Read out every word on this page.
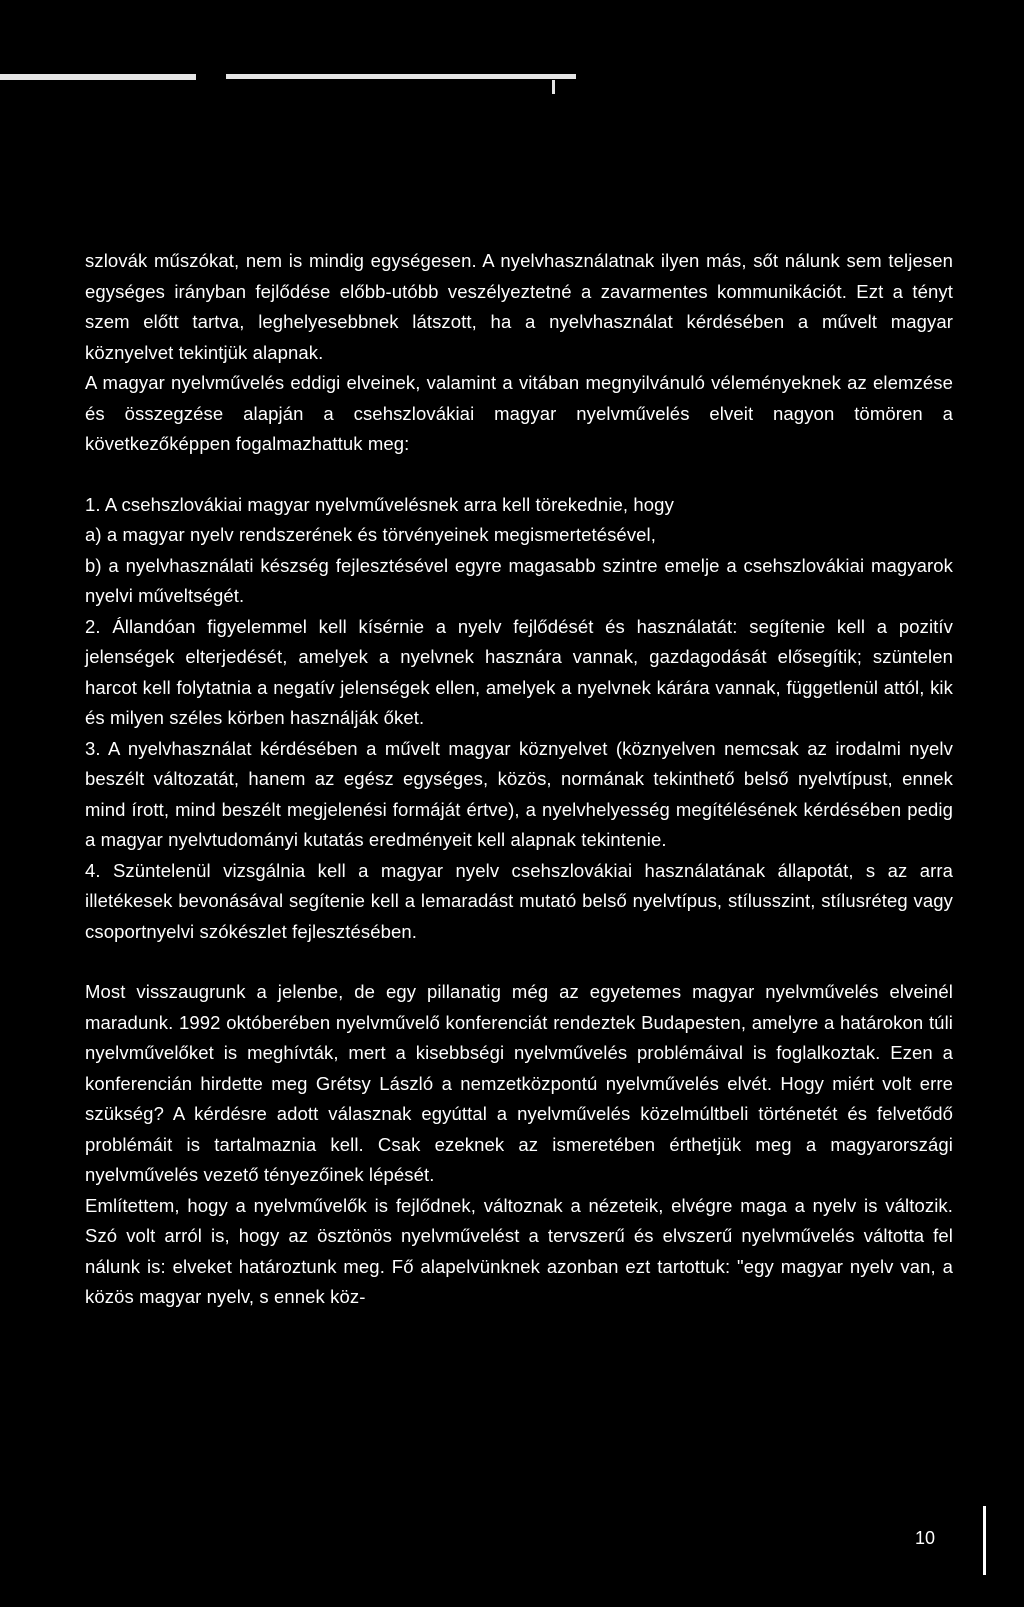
szlovák műszókat, nem is mindig egységesen. A nyelvhasználatnak ilyen más, sőt nálunk sem teljesen egységes irányban fejlődése előbb-utóbb veszélyeztetné a zavarmentes kommunikációt. Ezt a tényt szem előtt tartva, leghelyesebbnek látszott, ha a nyelvhasználat kérdésében a művelt magyar köznyelvet tekintjük alapnak.

A magyar nyelvművelés eddigi elveinek, valamint a vitában megnyilvánuló véleményeknek az elemzése és összegzése alapján a csehszlovákiai magyar nyelvművelés elveit nagyon tömören a következőképpen fogalmazhattuk meg:

1. A csehszlovákiai magyar nyelvművelésnek arra kell törekednie, hogy

a) a magyar nyelv rendszerének és törvényeinek megismertetésével,

b) a nyelvhasználati készség fejlesztésével egyre magasabb szintre emelje a csehszlovákiai magyarok nyelvi műveltségét.

2. Állandóan figyelemmel kell kísérnie a nyelv fejlődését és használatát: segítenie kell a pozitív jelenségek elterjedését, amelyek a nyelvnek hasznára vannak, gazdagodását elősegítik; szüntelen harcot kell folytatnia a negatív jelenségek ellen, amelyek a nyelvnek kárára vannak, függetlenül attól, kik és milyen széles körben használják őket.

3. A nyelvhasználat kérdésében a művelt magyar köznyelvet (köznyelven nemcsak az irodalmi nyelv beszélt változatát, hanem az egész egységes, közös, normának tekinthető belső nyelvtípust, ennek mind írott, mind beszélt megjelenési formáját értve), a nyelvhelyesség megítélésének kérdésében pedig a magyar nyelvtudományi kutatás eredményeit kell alapnak tekintenie.

4. Szüntelenül vizsgálnia kell a magyar nyelv csehszlovákiai használatának állapotát, s az arra illetékesek bevonásával segítenie kell a lemaradást mutató belső nyelvtípus, stílusszint, stílusréteg vagy csoportnyelvi szókészlet fejlesztésében.

Most visszaugrunk a jelenbe, de egy pillanatig még az egyetemes magyar nyelvművelés elveinél maradunk. 1992 októberében nyelvművelő konferenciát rendeztek Budapesten, amelyre a határokon túli nyelvművelőket is meghívták, mert a kisebbségi nyelvművelés problémáival is foglalkoztak. Ezen a konferencián hirdette meg Grétsy László a nemzetközpontú nyelvművelés elvét. Hogy miért volt erre szükség? A kérdésre adott válasznak egyúttal a nyelvművelés közelmúltbeli történetét és felvetődő problémáit is tartalmaznia kell. Csak ezeknek az ismeretében érthetjük meg a magyarországi nyelvművelés vezető tényezőinek lépését.

Említettem, hogy a nyelvművelők is fejlődnek, változnak a nézeteik, elvégre maga a nyelv is változik. Szó volt arról is, hogy az ösztönös nyelvművelést a tervszerű és elvszerű nyelvművelés váltotta fel nálunk is: elveket határoztunk meg. Fő alapelvünknek azonban ezt tartottuk: "egy magyar nyelv van, a közös magyar nyelv, s ennek köz-

10
